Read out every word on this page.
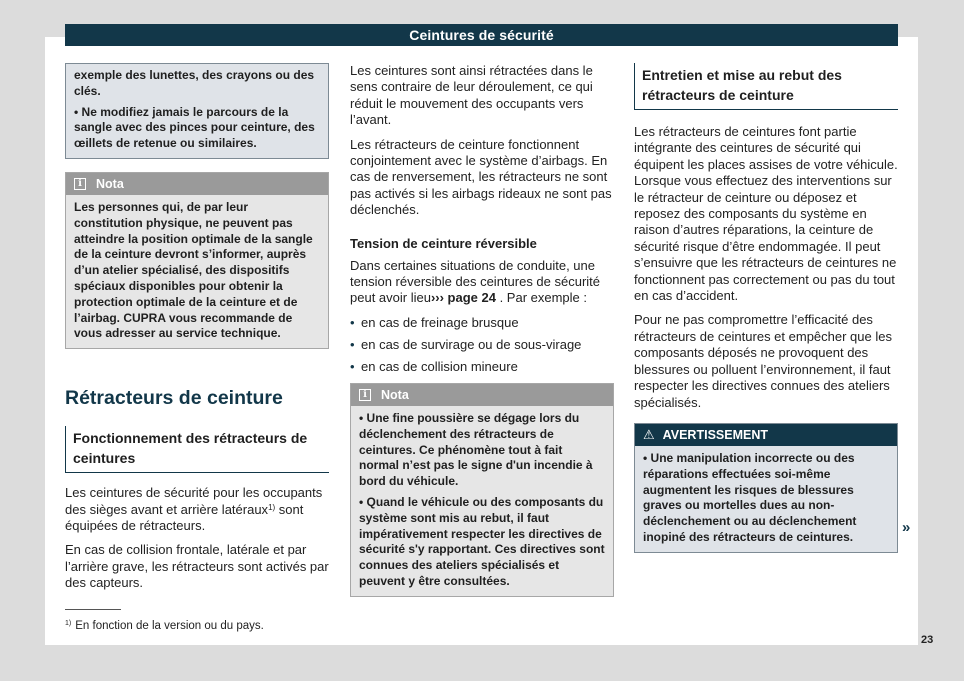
Ceintures de sécurité

exemple des lunettes, des crayons ou des clés.

• Ne modifiez jamais le parcours de la sangle avec des pinces pour ceinture, des œillets de retenue ou similaires.

i	Nota

Les personnes qui, de par leur constitution physique, ne peuvent pas atteindre la position optimale de la sangle de la ceinture devront s’informer, auprès d’un atelier spécialisé, des dispositifs spéciaux disponibles pour obtenir la protection optimale de la ceinture et de l’airbag. CUPRA vous recommande de vous adresser au service technique.

Rétracteurs de ceinture
Fonctionnement des rétracteurs de ceintures

Les ceintures de sécurité pour les occupants des sièges avant et arrière latéraux$^{1)}$ sont équipées de rétracteurs.

En cas de collision frontale, latérale et par l’arrière grave, les rétracteurs sont activés par des capteurs.

Les ceintures sont ainsi rétractées dans le sens contraire de leur déroulement, ce qui réduit le mouvement des occupants vers l’avant.

Les rétracteurs de ceinture fonctionnent conjointement avec le système d’airbags. En cas de renversement, les rétracteurs ne sont pas activés si les airbags rideaux ne sont pas déclenchés.

Tension de ceinture réversible

Dans certaines situations de conduite, une tension réversible des ceintures de sécurité peut avoir lieu››› page 24 . Par exemple :

• en cas de freinage brusque
• en cas de survirage ou de sous-virage
• en cas de collision mineure
i	Nota

• Une fine poussière se dégage lors du déclenchement des rétracteurs de ceintures. Ce phénomène tout à fait normal n’est pas le signe d'un incendie à bord du véhicule.

• Quand le véhicule ou des composants du système sont mis au rebut, il faut impérativement respecter les directives de sécurité s'y rapportant. Ces directives sont connues des ateliers spécialisés et peuvent y être consultées.

Entretien et mise au rebut des rétracteurs de ceinture

Les rétracteurs de ceintures font partie intégrante des ceintures de sécurité qui équipent les places assises de votre véhicule. Lorsque vous effectuez des interventions sur le rétracteur de ceinture ou déposez et reposez des composants du système en raison d’autres réparations, la ceinture de sécurité risque d’être endommagée. Il peut s’ensuivre que les rétracteurs de ceintures ne fonctionnent pas correctement ou pas du tout en cas d’accident.

Pour ne pas compromettre l’efficacité des rétracteurs de ceintures et empêcher que les composants déposés ne provoquent des blessures ou polluent l’environnement, il faut respecter les directives connues des ateliers spécialisés.

⚠ AVERTISSEMENT

• Une manipulation incorrecte ou des réparations effectuées soi-même augmentent les risques de blessures graves ou mortelles dues au non-déclenchement ou au déclenchement inopiné des rétracteurs de ceintures.

»
$^{1)}$ En fonction de la version ou du pays.
23
